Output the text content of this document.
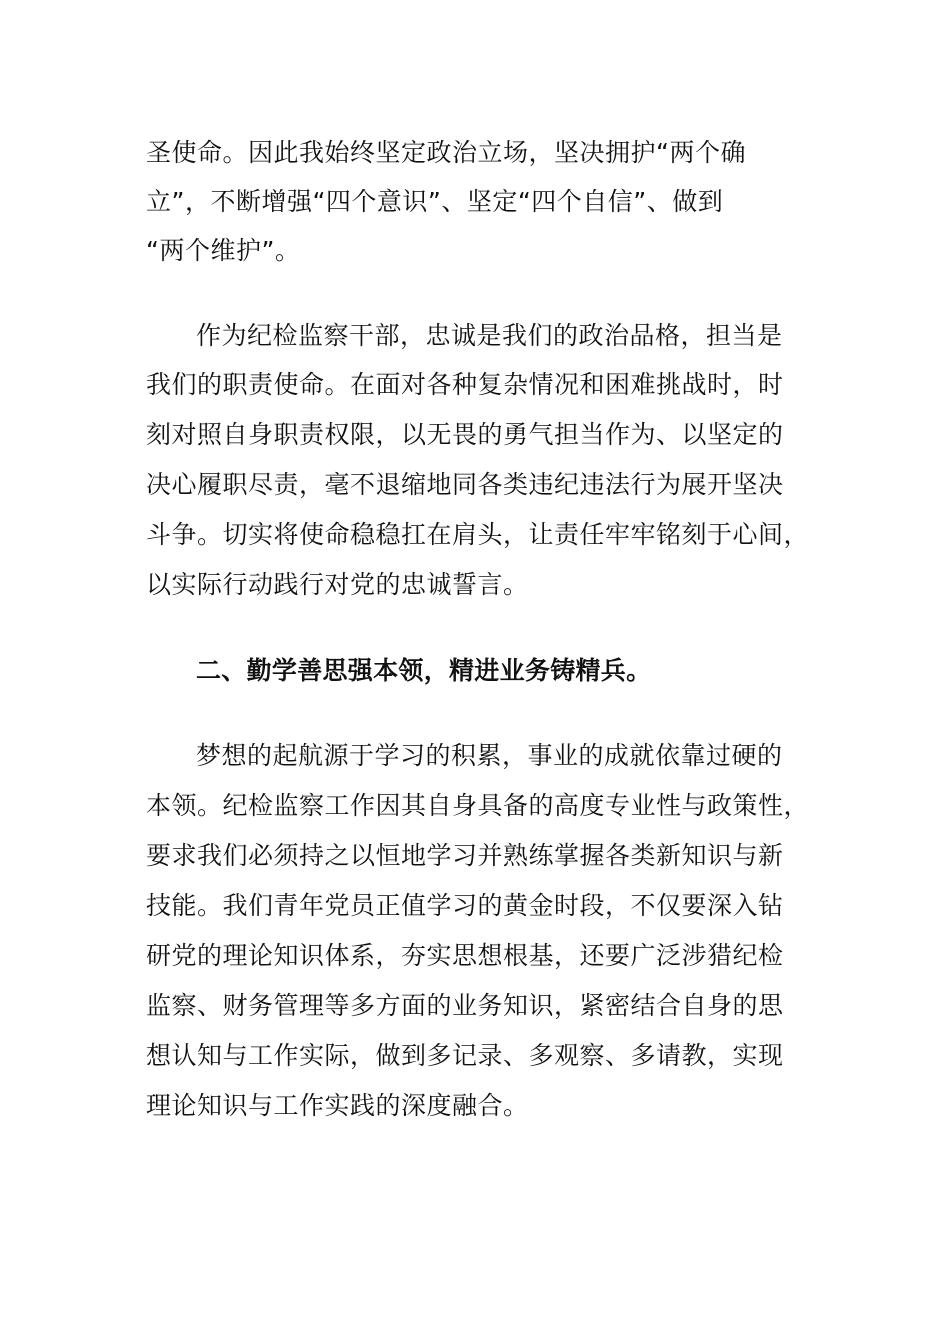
圣使命。因此我始终坚定政治立场，坚决拥护“两个确
立”，不断增强“四个意识”、坚定“四个自信”、做到
“两个维护”。
作为纪检监察干部，忠诚是我们的政治品格，担当是
我们的职责使命。在面对各种复杂情况和困难挑战时，时
刻对照自身职责权限，以无畏的勇气担当作为、以坚定的
决心履职尽责，毫不退缩地同各类违纪违法行为展开坚决
斗争。切实将使命稳稳扛在肩头，让责任牢牢铭刻于心间，
以实际行动践行对党的忠诚誓言。
二、勤学善思强本领，精进业务铸精兵。
梦想的起航源于学习的积累，事业的成就依靠过硬的
本领。纪检监察工作因其自身具备的高度专业性与政策性，
要求我们必须持之以恒地学习并熟练掌握各类新知识与新
技能。我们青年党员正值学习的黄金时段，不仅要深入钻
研党的理论知识体系，夯实思想根基，还要广泛涉猎纪检
监察、财务管理等多方面的业务知识，紧密结合自身的思
想认知与工作实际，做到多记录、多观察、多请教，实现
理论知识与工作实践的深度融合。
